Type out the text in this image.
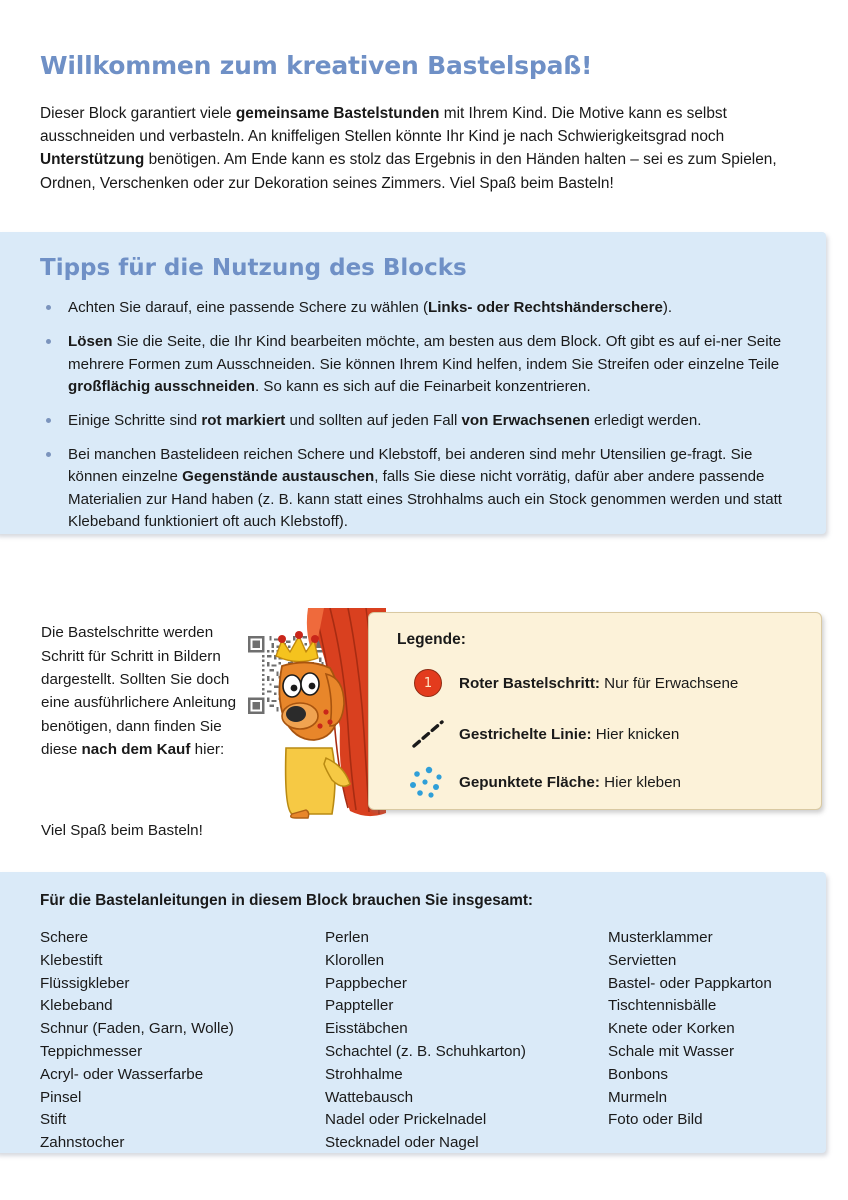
Willkommen zum kreativen Bastelspaß!

Dieser Block garantiert viele gemeinsame Bastelstunden mit Ihrem Kind. Die Motive kann es selbst ausschneiden und verbasteln. An kniffeligen Stellen könnte Ihr Kind je nach Schwierigkeitsgrad noch Unterstützung benötigen. Am Ende kann es stolz das Ergebnis in den Händen halten – sei es zum Spielen, Ordnen, Verschenken oder zur Dekoration seines Zimmers. Viel Spaß beim Basteln!

Tipps für die Nutzung des Blocks
Achten Sie darauf, eine passende Schere zu wählen (Links- oder Rechtshänderschere).
Lösen Sie die Seite, die Ihr Kind bearbeiten möchte, am besten aus dem Block. Oft gibt es auf ei-ner Seite mehrere Formen zum Ausschneiden. Sie können Ihrem Kind helfen, indem Sie Streifen oder einzelne Teile großflächig ausschneiden. So kann es sich auf die Feinarbeit konzentrieren.
Einige Schritte sind rot markiert und sollten auf jeden Fall von Erwachsenen erledigt werden.
Bei manchen Bastelideen reichen Schere und Klebstoff, bei anderen sind mehr Utensilien ge-fragt. Sie können einzelne Gegenstände austauschen, falls Sie diese nicht vorrätig, dafür aber andere passende Materialien zur Hand haben (z. B. kann statt eines Strohhalms auch ein Stock genommen werden und statt Klebeband funktioniert oft auch Klebstoff).

Die Bastelschritte werden Schritt für Schritt in Bildern dargestellt. Sollten Sie doch eine ausführlichere Anleitung benötigen, dann finden Sie diese nach dem Kauf hier:

Legende:
1	Roter Bastelschritt: Nur für Erwachsene
Gestrichelte Linie: Hier knicken
Gepunktete Fläche: Hier kleben
Viel Spaß beim Basteln!
Für die Bastelanleitungen in diesem Block brauchen Sie insgesamt:
Schere
Klebestift
Flüssigkleber
Klebeband
Schnur (Faden, Garn, Wolle)
Teppichmesser
Acryl- oder Wasserfarbe
Pinsel
Stift
Zahnstocher
Perlen
Klorollen
Pappbecher
Pappteller
Eisstäbchen
Schachtel (z. B. Schuhkarton)
Strohhalme
Wattebausch
Nadel oder Prickelnadel
Stecknadel oder Nagel
Musterklammer
Servietten
Bastel- oder Pappkarton
Tischtennisbälle
Knete oder Korken
Schale mit Wasser
Bonbons
Murmeln
Foto oder Bild
